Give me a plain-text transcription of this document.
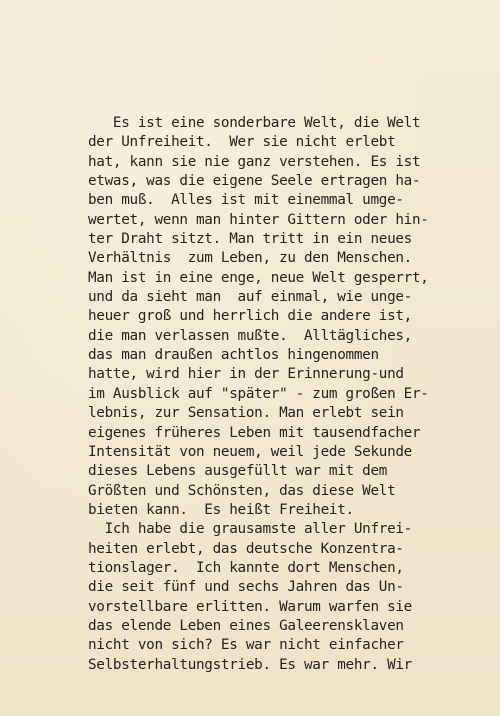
Es ist eine sonderbare Welt, die Welt
der Unfreiheit.  Wer sie nicht erlebt
hat, kann sie nie ganz verstehen. Es ist
etwas, was die eigene Seele ertragen ha-
ben muß.  Alles ist mit einemmal umge-
wertet, wenn man hinter Gittern oder hin-
ter Draht sitzt. Man tritt in ein neues
Verhältnis  zum Leben, zu den Menschen.
Man ist in eine enge, neue Welt gesperrt,
und da sieht man  auf einmal, wie unge-
heuer groß und herrlich die andere ist,
die man verlassen mußte.  Alltägliches,
das man draußen achtlos hingenommen
hatte, wird hier in der Erinnerung-und
im Ausblick auf "später" - zum großen Er-
lebnis, zur Sensation. Man erlebt sein
eigenes früheres Leben mit tausendfacher
Intensität von neuem, weil jede Sekunde
dieses Lebens ausgefüllt war mit dem
Größten und Schönsten, das diese Welt
bieten kann.  Es heißt Freiheit.
Ich habe die grausamste aller Unfrei-
heiten erlebt, das deutsche Konzentra-
tionslager.  Ich kannte dort Menschen,
die seit fünf und sechs Jahren das Un-
vorstellbare erlitten. Warum warfen sie
das elende Leben eines Galeerensklaven
nicht von sich? Es war nicht einfacher
Selbsterhaltungstrieb. Es war mehr. Wir
